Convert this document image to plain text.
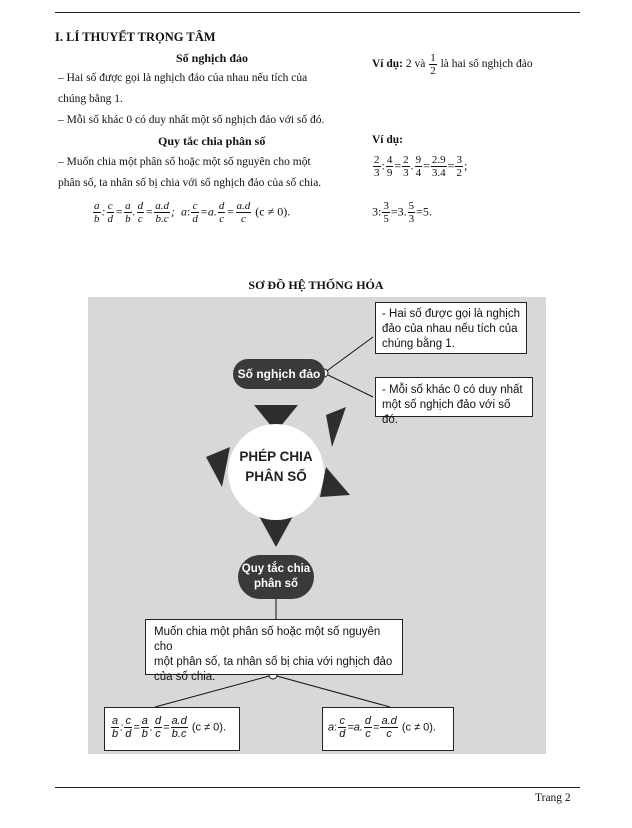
I. LÍ THUYẾT TRỌNG TÂM
Số nghịch đảo
– Hai số được gọi là nghịch đảo của nhau nếu tích của
chúng bằng 1.
– Mỗi số khác 0 có duy nhất một số nghịch đảo với số đó.
Ví dụ: 2 và $\frac{1}{2}$ là hai số nghịch đảo
Quy tắc chia phân số
– Muốn chia một phân số hoặc một số nguyên cho một
phân số, ta nhân số bị chia với số nghịch đảo của số chia.
$\frac{a}{b}$ : $\frac{c}{d} = \frac{a}{b}$ . $\frac{d}{c} = \frac{a.d}{b.c}$ ;  a: $\frac{c}{d} =a$. $\frac{d}{c} = \frac{a.d}{c} (c \ne 0)$.
Ví dụ:
$\frac{2}{3}$ : $\frac{4}{9} = \frac{2}{3}$ . $\frac{9}{4} = \frac{2.9}{3.4} = \frac{3}{2}$ ;
3: $\frac{3}{5} =3$. $\frac{5}{3} =5$.
SƠ ĐỒ HỆ THỐNG HÓA
PHÉP CHIA
PHÂN SỐ
Số nghịch đảo
Quy tắc chia
phân số
- Hai số được gọi là nghịch
đảo của nhau nếu tích của
chúng bằng 1.
- Mỗi số khác 0 có duy nhất
một số nghịch đảo với số đó.
Muốn chia một phân số hoặc một số nguyên cho
một phân số, ta nhân số bị chia với nghịch đảo
của số chia.
$\frac{a}{b}$ : $\frac{c}{d} = \frac{a}{b}$ . $\frac{d}{c} = \frac{a.d}{b.c} (c \ne 0)$.	a: $\frac{c}{d} =a$. $\frac{d}{c} = \frac{a.d}{c} (c \ne 0)$.
Trang 2
